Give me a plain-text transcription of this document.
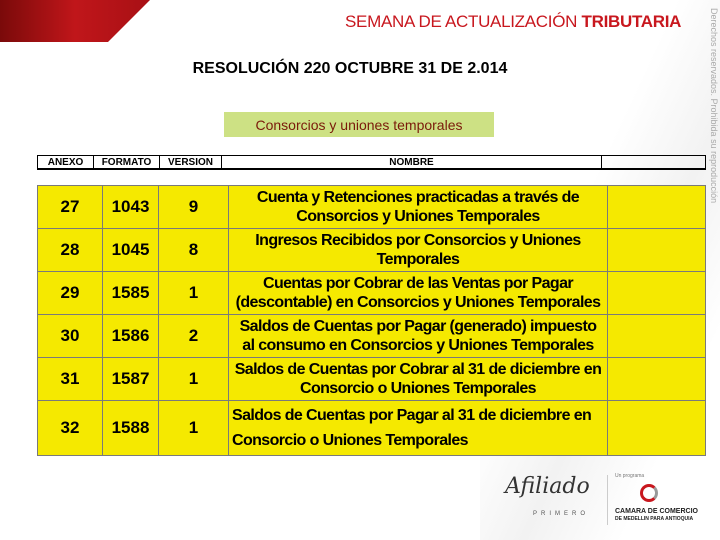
SEMANA DE ACTUALIZACIÓN TRIBUTARIA	Derechos reservados. Prohibida su reproducción
RESOLUCIÓN 220 OCTUBRE 31 DE 2.014
Consorcios y uniones temporales
ANEXO	FORMATO	VERSION	NOMBRE
27	1043	9	Cuenta y Retenciones practicadas a través de Consorcios y Uniones Temporales	
28	1045	8	Ingresos Recibidos por Consorcios y Uniones Temporales	
29	1585	1	Cuentas por Cobrar de las Ventas por Pagar (descontable) en Consorcios y Uniones Temporales	
30	1586	2	Saldos de Cuentas por Pagar (generado) impuesto al consumo en Consorcios y Uniones Temporales	
31	1587	1	Saldos de Cuentas por Cobrar al 31 de diciembre en Consorcio o Uniones Temporales	
32	1588	1	Saldos de Cuentas por Pagar al 31 de diciembre en Consorcio o Uniones Temporales	
Afiliado
PRIMERO
Un programa
CAMARA DE COMERCIO
DE MEDELLIN PARA ANTIOQUIA
